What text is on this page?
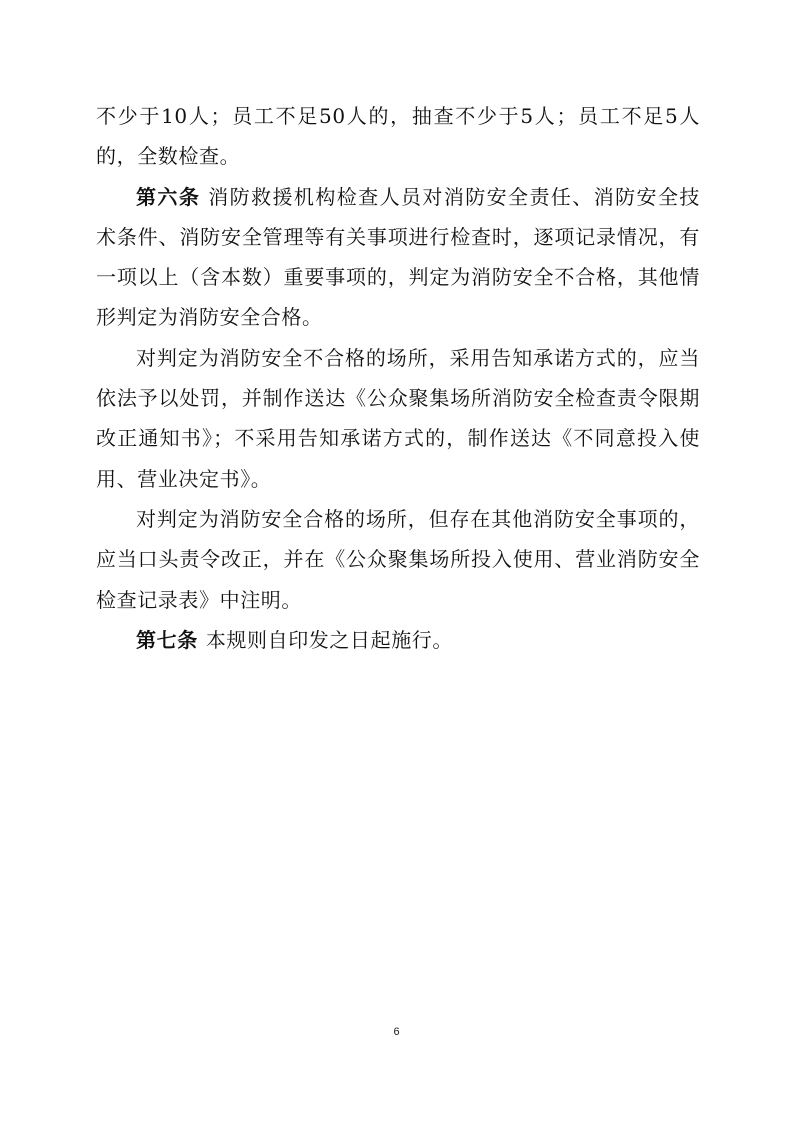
不少于10人；员工不足50人的，抽查不少于5人；员工不足5人的，全数检查。

第六条 消防救援机构检查人员对消防安全责任、消防安全技术条件、消防安全管理等有关事项进行检查时，逐项记录情况，有一项以上（含本数）重要事项的，判定为消防安全不合格，其他情形判定为消防安全合格。

对判定为消防安全不合格的场所，采用告知承诺方式的，应当依法予以处罚，并制作送达《公众聚集场所消防安全检查责令限期改正通知书》；不采用告知承诺方式的，制作送达《不同意投入使用、营业决定书》。

对判定为消防安全合格的场所，但存在其他消防安全事项的，应当口头责令改正，并在《公众聚集场所投入使用、营业消防安全检查记录表》中注明。

第七条 本规则自印发之日起施行。

6
